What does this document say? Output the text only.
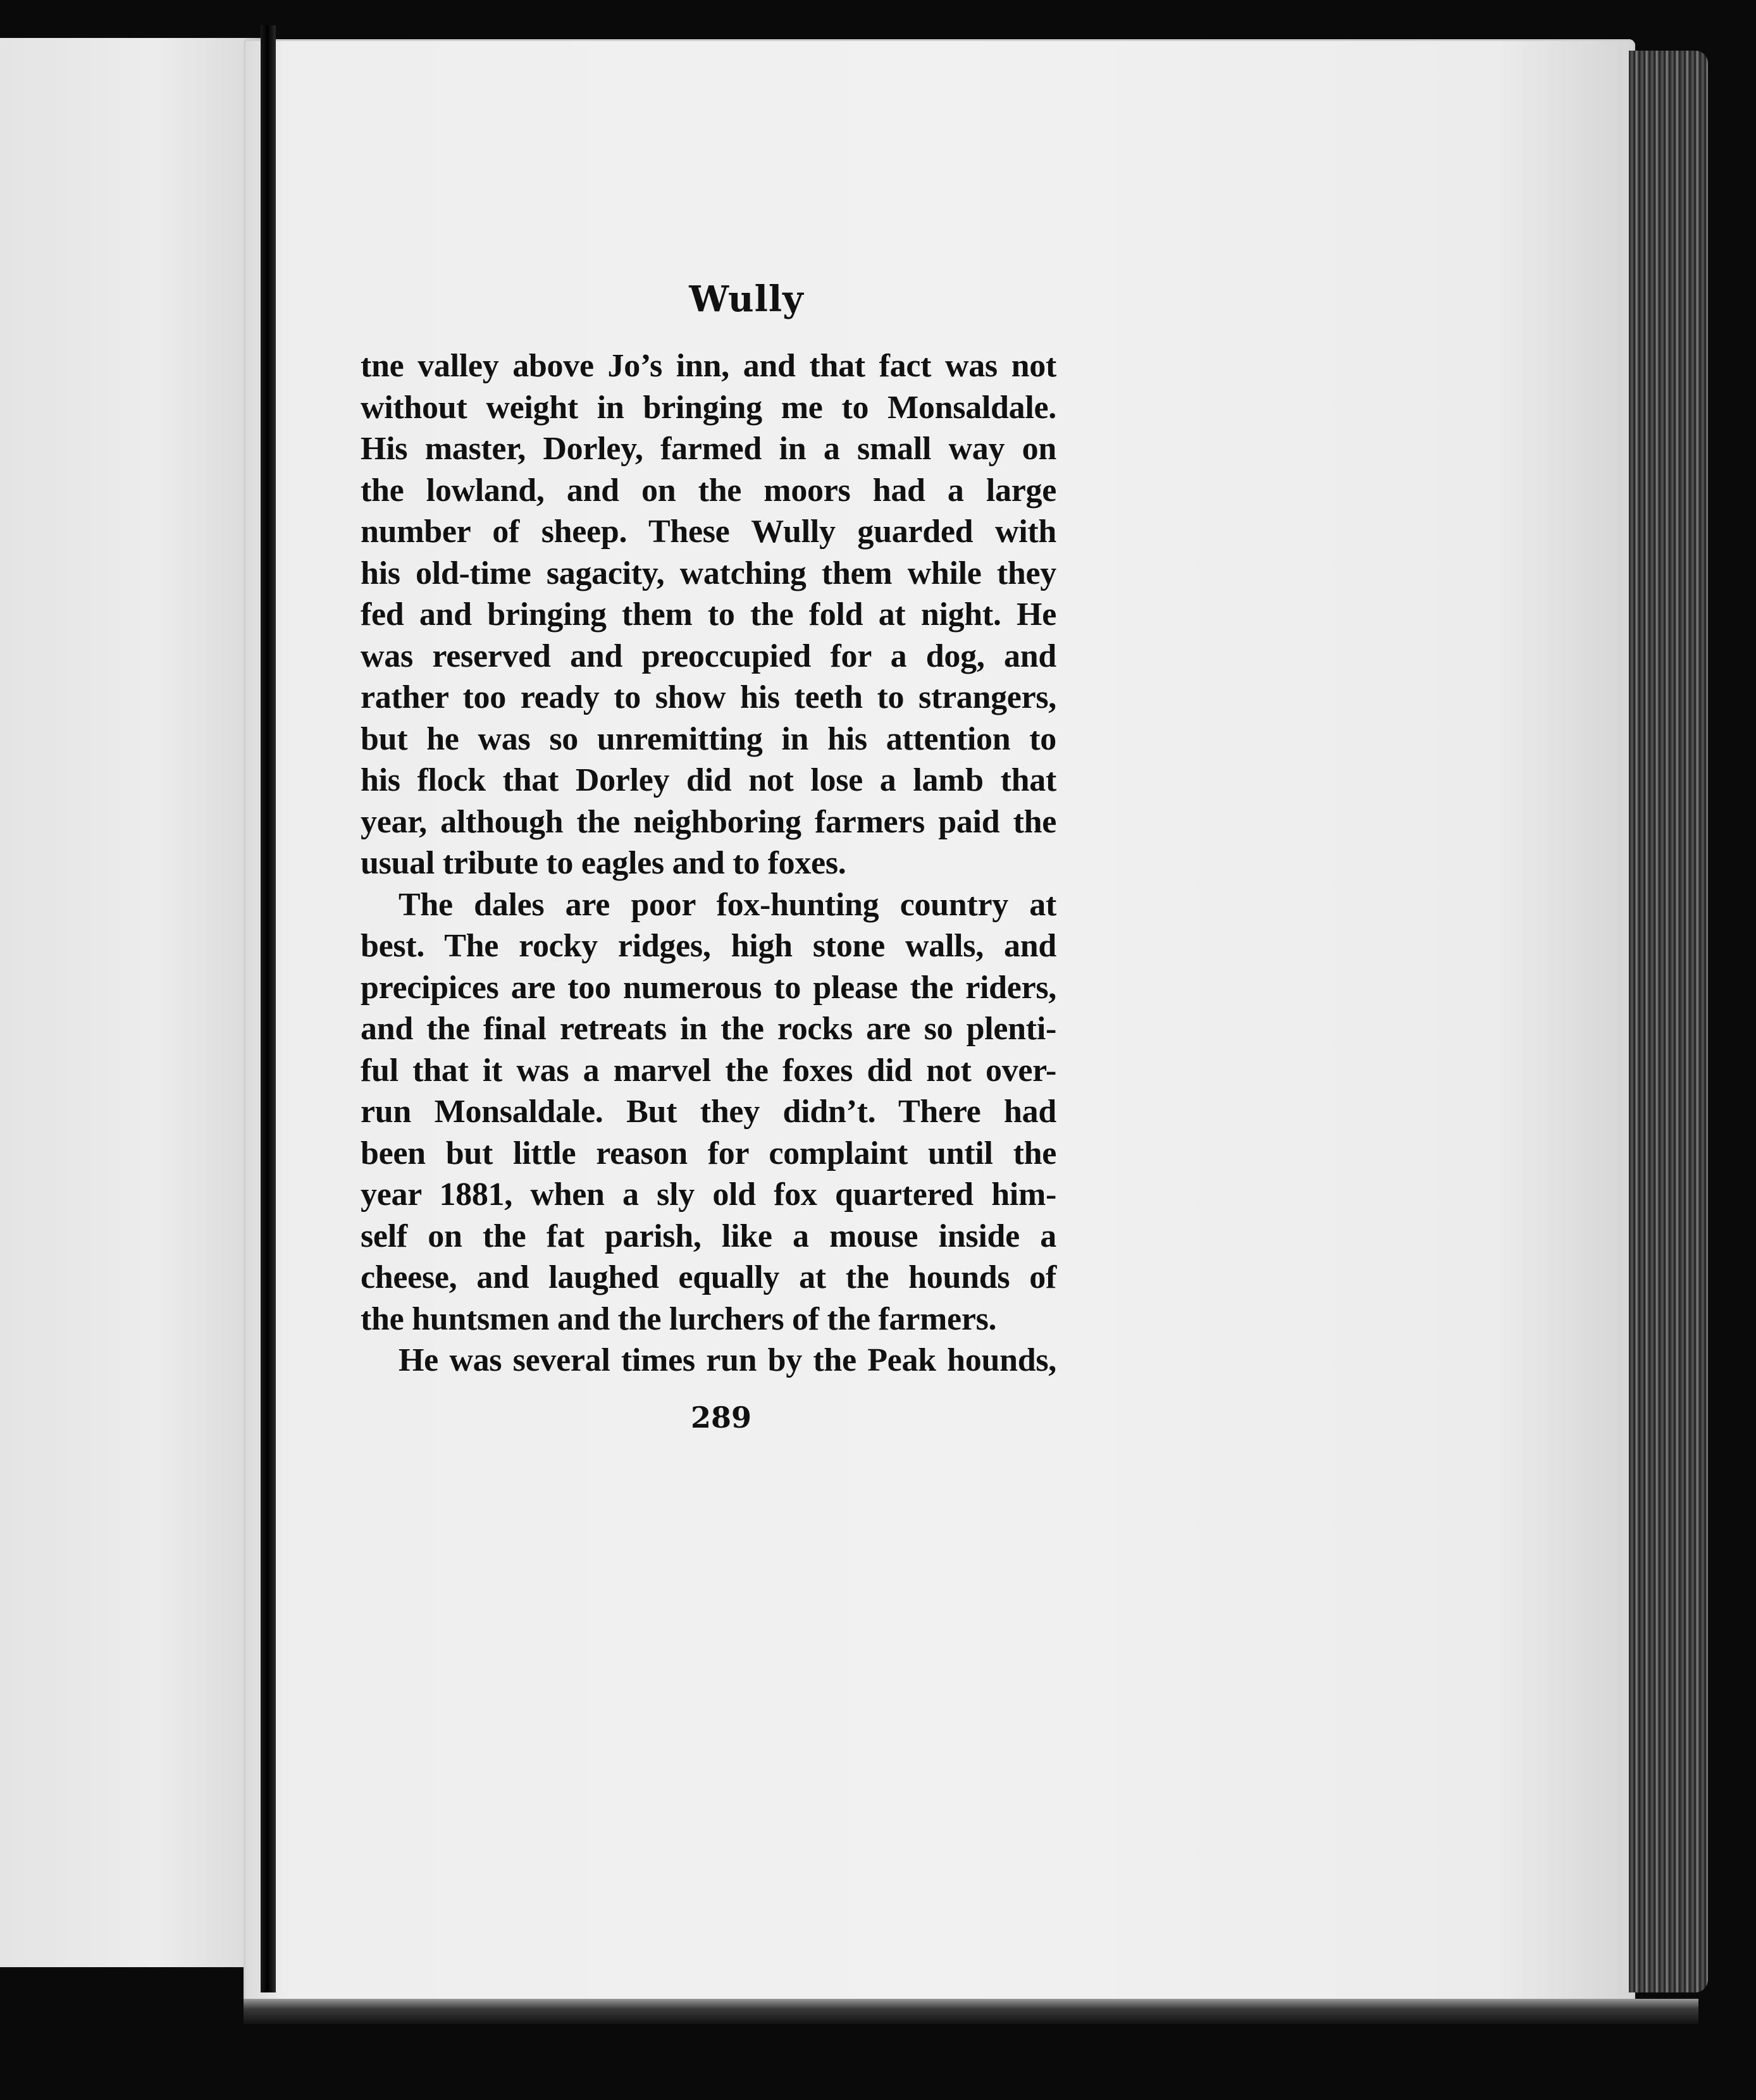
Wully
tne valley above Jo’s inn, and that fact was not
without weight in bringing me to Monsaldale.
His master, Dorley, farmed in a small way on
the lowland, and on the moors had a large
number of sheep. These Wully guarded with
his old-time sagacity, watching them while they
fed and bringing them to the fold at night. He
was reserved and preoccupied for a dog, and
rather too ready to show his teeth to strangers,
but he was so unremitting in his attention to
his flock that Dorley did not lose a lamb that
year, although the neighboring farmers paid the
usual tribute to eagles and to foxes.
The dales are poor fox-hunting country at
best. The rocky ridges, high stone walls, and
precipices are too numerous to please the riders,
and the final retreats in the rocks are so plenti-
ful that it was a marvel the foxes did not over-
run Monsaldale. But they didn’t. There had
been but little reason for complaint until the
year 1881, when a sly old fox quartered him-
self on the fat parish, like a mouse inside a
cheese, and laughed equally at the hounds of
the huntsmen and the lurchers of the farmers.
He was several times run by the Peak hounds,
289
